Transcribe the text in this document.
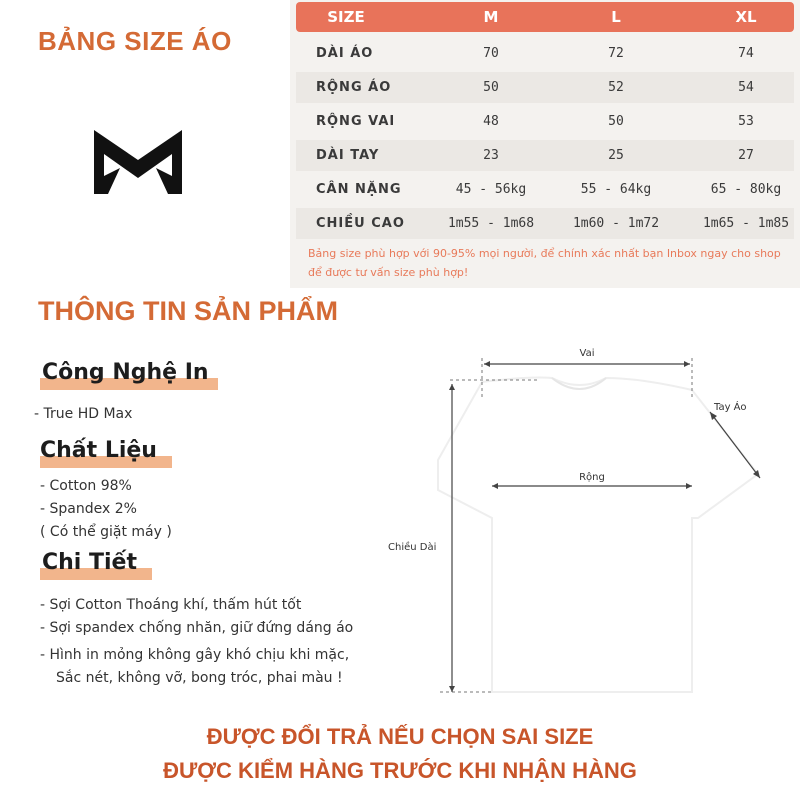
BẢNG SIZE ÁO
SIZE	M	L	XL
DÀI ÁO	70	72	74
RỘNG ÁO	50	52	54
RỘNG VAI	48	50	53
DÀI TAY	23	25	27
CÂN NẶNG	45 - 56kg	55 - 64kg	65 - 80kg
CHIỀU CAO	1m55 - 1m68	1m60 - 1m72	1m65 - 1m85
Bảng size phù hợp với 90-95% mọi người, để chính xác nhất bạn Inbox ngay cho shop để được tư vấn size phù hợp!
THÔNG TIN SẢN PHẨM
Công Nghệ In
- True HD Max
Chất Liệu
- Cotton 98%
- Spandex 2%
( Có thể giặt máy )
Chi Tiết
- Sợi Cotton Thoáng khí, thấm hút tốt
- Sợi spandex chống nhăn, giữ đứng dáng áo
- Hình in mỏng không gây khó chịu khi mặc,
Sắc nét, không vỡ, bong tróc, phai màu !
Vai
Rộng
Tay Áo
Chiều Dài
ĐƯỢC ĐỔI TRẢ NẾU CHỌN SAI SIZE
ĐƯỢC KIỂM HÀNG TRƯỚC KHI NHẬN HÀNG
